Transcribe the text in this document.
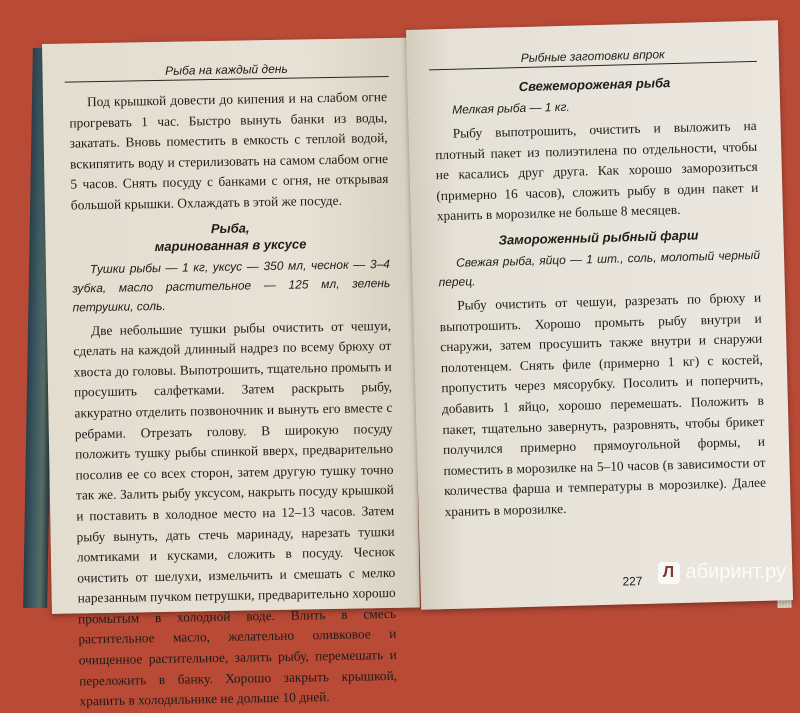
Рыба на каждый день

Под крышкой довести до кипения и на слабом огне прогревать 1 час. Быстро вынуть банки из воды, закатать. Вновь поместить в емкость с теплой водой, вскипятить воду и стерилизовать на самом слабом огне 5 часов. Снять посуду с банками с огня, не открывая большой крышки. Охлаждать в этой же посуде.

Рыба,
маринованная в уксусе
Тушки рыбы — 1 кг, уксус — 350 мл, чеснок — 3–4 зубка, масло растительное — 125 мл, зелень петрушки, соль.

Две небольшие тушки рыбы очистить от чешуи, сделать на каждой длинный надрез по всему брюху от хвоста до головы. Выпотрошить, тщательно промыть и просушить салфетками. Затем раскрыть рыбу, аккуратно отделить позвоночник и вынуть его вместе с ребрами. Отрезать голову. В широкую посуду положить тушку рыбы спинкой вверх, предварительно посолив ее со всех сторон, затем другую тушку точно так же. Залить рыбу уксусом, накрыть посуду крышкой и поставить в холодное место на 12–13 часов. Затем рыбу вынуть, дать стечь маринаду, нарезать тушки ломтиками и кусками, сложить в посуду. Чеснок очистить от шелухи, измельчить и смешать с мелко нарезанным пучком петрушки, предварительно хорошо промытым в холодной воде. Влить в смесь растительное масло, желательно оливковое и очищенное растительное, залить рыбу, перемешать и переложить в банку. Хорошо закрыть крышкой, хранить в холодильнике не дольше 10 дней.

Рыбные заготовки впрок
Свежемороженая рыба
Мелкая рыба — 1 кг.

Рыбу выпотрошить, очистить и выложить на плотный пакет из полиэтилена по отдельности, чтобы не касались друг друга. Как хорошо заморозиться (примерно 16 часов), сложить рыбу в один пакет и хранить в морозилке не больше 8 месяцев.

Замороженный рыбный фарш
Свежая рыба, яйцо — 1 шт., соль, молотый черный перец.

Рыбу очистить от чешуи, разрезать по брюху и выпотрошить. Хорошо промыть рыбу внутри и снаружи, затем просушить также внутри и снаружи полотенцем. Снять филе (примерно 1 кг) с костей, пропустить через мясорубку. Посолить и поперчить, добавить 1 яйцо, хорошо перемешать. Положить в пакет, тщательно завернуть, разровнять, чтобы брикет получился примерно прямоугольной формы, и поместить в морозилке на 5–10 часов (в зависимости от количества фарша и температуры в морозилке). Далее хранить в морозилке.

227
Л абиринт.ру
